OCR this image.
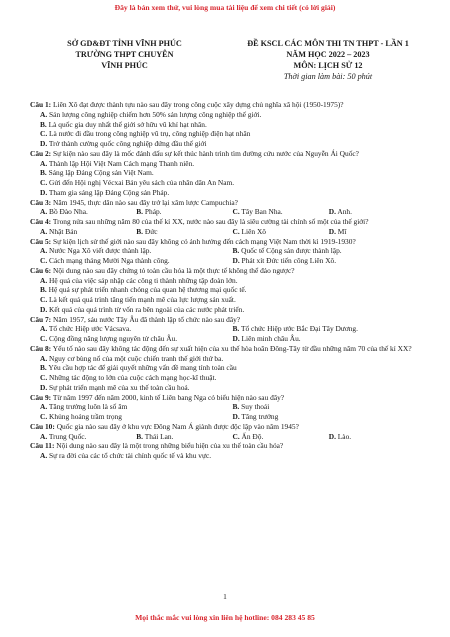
Đây là bản xem thử, vui lòng mua tài liệu để xem chi tiết (có lời giải)
SỞ GD&ĐT TỈNH VĨNH PHÚC
TRƯỜNG THPT CHUYÊN
VĨNH PHÚC
ĐỀ KSCL CÁC MÔN THI TN THPT - LẦN 1
NĂM HỌC 2022 – 2023
MÔN: LỊCH SỬ 12
Thời gian làm bài: 50 phút
Câu 1: Liên Xô đạt được thành tựu nào sau đây trong công cuộc xây dựng chủ nghĩa xã hội (1950-1975)?
A. Sản lượng công nghiệp chiếm hơn 50% sản lượng công nghiệp thế giới.
B. Là quốc gia duy nhất thế giới sở hữu vũ khí hạt nhân.
C. Là nước đi đầu trong công nghiệp vũ trụ, công nghiệp điện hạt nhân
D. Trở thành cường quốc công nghiệp đứng đầu thế giới
Câu 2: Sự kiện nào sau đây là mốc đánh dấu sự kết thúc hành trình tìm đường cứu nước của Nguyễn Ái Quốc?
A. Thành lập Hội Việt Nam Cách mạng Thanh niên.
B. Sáng lập Đảng Cộng sản Việt Nam.
C. Gửi đến Hội nghị Vécxai Bản yêu sách của nhân dân An Nam.
D. Tham gia sáng lập Đảng Cộng sản Pháp.
Câu 3: Năm 1945, thực dân nào sau đây trở lại xâm lược Campuchia?
A. Bồ Đào Nha.	B. Pháp.	C. Tây Ban Nha.	D. Anh.
Câu 4: Trong nửa sau những năm 80 của thế kỉ XX, nước nào sau đây là siêu cường tài chính số một của thế giới?
A. Nhật Bản	B. Đức	C. Liên Xô	D. Mĩ
Câu 5: Sự kiện lịch sử thế giới nào sau đây không có ảnh hưởng đến cách mạng Việt Nam thời kì 1919-1930?
A. Nước Nga Xô viết được thành lập.	B. Quốc tế Cộng sản được thành lập.
C. Cách mạng tháng Mười Nga thành công.	D. Phát xít Đức tiến công Liên Xô.
Câu 6: Nội dung nào sau đây chứng tỏ toàn cầu hóa là một thực tế không thể đảo ngược?
A. Hệ quả của việc sáp nhập các công ti thành những tập đoàn lớn.
B. Hệ quả sự phát triển nhanh chóng của quan hệ thương mại quốc tế.
C. Là kết quả quá trình tăng tiến mạnh mẽ của lực lượng sản xuất.
D. Kết quả của quá trình từ vốn ra bên ngoài của các nước phát triển.
Câu 7: Năm 1957, sáu nước Tây Âu đã thành lập tổ chức nào sau đây?
A. Tổ chức Hiệp ước Vácsava.	B. Tổ chức Hiệp ước Bắc Đại Tây Dương.
C. Cộng đồng năng lượng nguyên tử châu Âu.	D. Liên minh châu Âu.
Câu 8: Yếu tố nào sau đây không tác động đến sự xuất hiện của xu thế hòa hoãn Đông-Tây từ đầu những năm 70 của thế kỉ XX?
A. Nguy cơ bùng nổ của một cuộc chiến tranh thế giới thứ ba.
B. Yêu cầu hợp tác để giải quyết những vấn đề mang tính toàn cầu
C. Những tác động to lớn của cuộc cách mạng học-kĩ thuật.
D. Sự phát triển mạnh mẽ của xu thế toàn cầu hoá.
Câu 9: Từ năm 1997 đến năm 2000, kinh tế Liên bang Nga có biểu hiện nào sau đây?
A. Tăng trưởng luôn là số âm	B. Suy thoái
C. Khủng hoảng trầm trọng	D. Tăng trưởng
Câu 10: Quốc gia nào sau đây ở khu vực Đông Nam Á giành được độc lập vào năm 1945?
A. Trung Quốc.	B. Thái Lan.	C. Ấn Độ.	D. Lào.
Câu 11: Nội dung nào sau đây là một trong những biểu hiện của xu thế toàn cầu hóa?
A. Sự ra đời của các tổ chức tài chính quốc tế và khu vực.
1
Mọi thắc mắc vui lòng xin liên hệ hotline: 084 283 45 85
